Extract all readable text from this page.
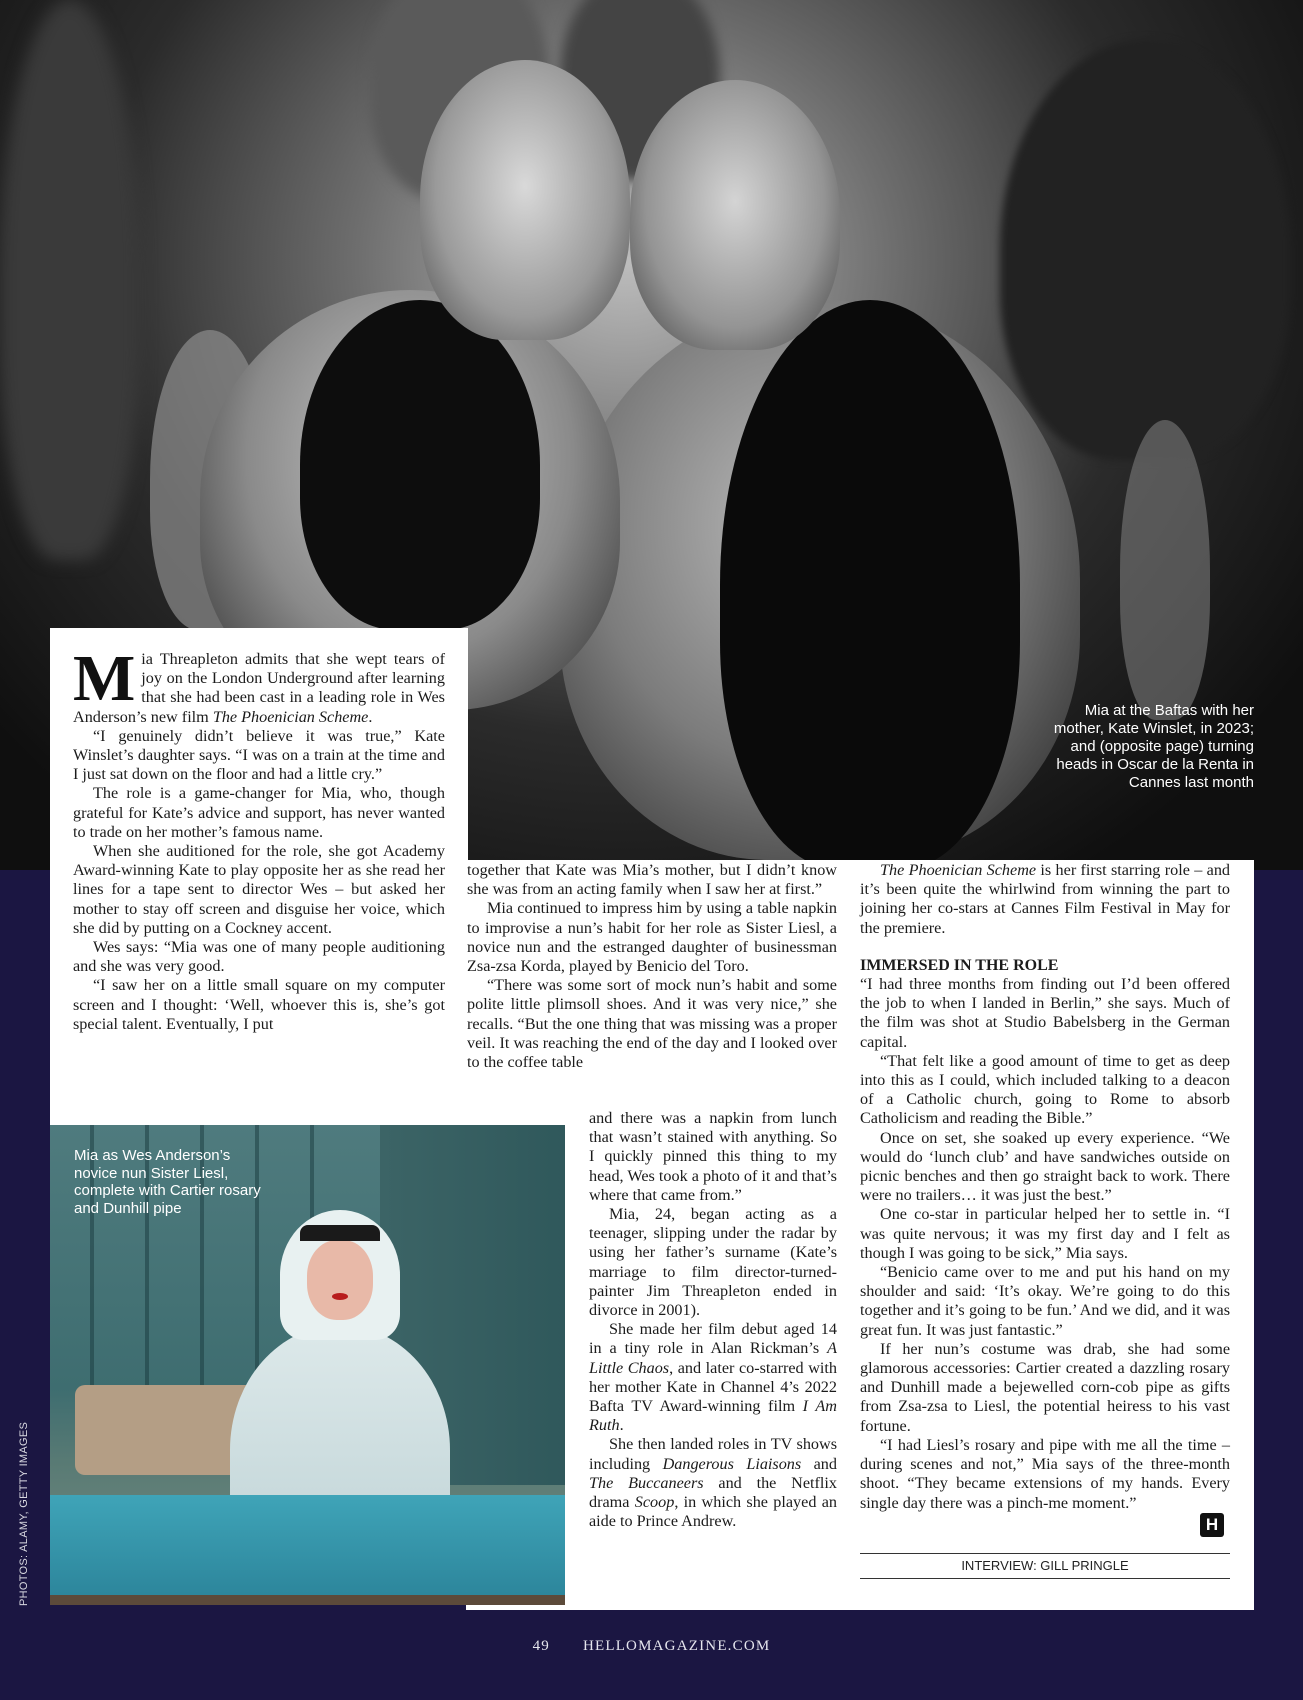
Mia at the Baftas with her mother, Kate Winslet, in 2023; and (opposite page) turning heads in Oscar de la Renta in Cannes last month

Mia Threapleton admits that she wept tears of joy on the London Underground after learning that she had been cast in a leading role in Wes Anderson’s new film The Phoenician Scheme.

“I genuinely didn’t believe it was true,” Kate Winslet’s daughter says. “I was on a train at the time and I just sat down on the floor and had a little cry.”

The role is a game-changer for Mia, who, though grateful for Kate’s advice and support, has never wanted to trade on her mother’s famous name.

When she auditioned for the role, she got Academy Award-winning Kate to play opposite her as she read her lines for a tape sent to director Wes – but asked her mother to stay off screen and disguise her voice, which she did by putting on a Cockney accent.

Wes says: “Mia was one of many people auditioning and she was very good.

“I saw her on a little small square on my computer screen and I thought: ‘Well, whoever this is, she’s got special talent. Eventually, I put

together that Kate was Mia’s mother, but I didn’t know she was from an acting family when I saw her at first.”

Mia continued to impress him by using a table napkin to improvise a nun’s habit for her role as Sister Liesl, a novice nun and the estranged daughter of businessman Zsa-zsa Korda, played by Benicio del Toro.

“There was some sort of mock nun’s habit and some polite little plimsoll shoes. And it was very nice,” she recalls. “But the one thing that was missing was a proper veil. It was reaching the end of the day and I looked over to the coffee table

and there was a napkin from lunch that wasn’t stained with anything. So I quickly pinned this thing to my head, Wes took a photo of it and that’s where that came from.”

Mia, 24, began acting as a teenager, slipping under the radar by using her father’s surname (Kate’s marriage to film director-turned-painter Jim Threapleton ended in divorce in 2001).

She made her film debut aged 14 in a tiny role in Alan Rickman’s A Little Chaos, and later co-starred with her mother Kate in Channel 4’s 2022 Bafta TV Award-winning film I Am Ruth.

She then landed roles in TV shows including Dangerous Liaisons and The Buccaneers and the Netflix drama Scoop, in which she played an aide to Prince Andrew.

The Phoenician Scheme is her first starring role – and it’s been quite the whirlwind from winning the part to joining her co-stars at Cannes Film Festival in May for the premiere.

IMMERSED IN THE ROLE

“I had three months from finding out I’d been offered the job to when I landed in Berlin,” she says. Much of the film was shot at Studio Babelsberg in the German capital.

“That felt like a good amount of time to get as deep into this as I could, which included talking to a deacon of a Catholic church, going to Rome to absorb Catholicism and reading the Bible.”

Once on set, she soaked up every experience. “We would do ‘lunch club’ and have sandwiches outside on picnic benches and then go straight back to work. There were no trailers… it was just the best.”

One co-star in particular helped her to settle in. “I was quite nervous; it was my first day and I felt as though I was going to be sick,” Mia says.

“Benicio came over to me and put his hand on my shoulder and said: ‘It’s okay. We’re going to do this together and it’s going to be fun.’ And we did, and it was great fun. It was just fantastic.”

If her nun’s costume was drab, she had some glamorous accessories: Cartier created a dazzling rosary and Dunhill made a bejewelled corn-cob pipe as gifts from Zsa-zsa to Liesl, the potential heiress to his vast fortune.

“I had Liesl’s rosary and pipe with me all the time – during scenes and not,” Mia says of the three-month shoot. “They became extensions of my hands. Every single day there was a pinch-me moment.”

H
INTERVIEW: GILL PRINGLE
Mia as Wes Anderson’s novice nun Sister Liesl, complete with Cartier rosary and Dunhill pipe
PHOTOS: ALAMY, GETTY IMAGES
49 HELLOMAGAZINE.COM
